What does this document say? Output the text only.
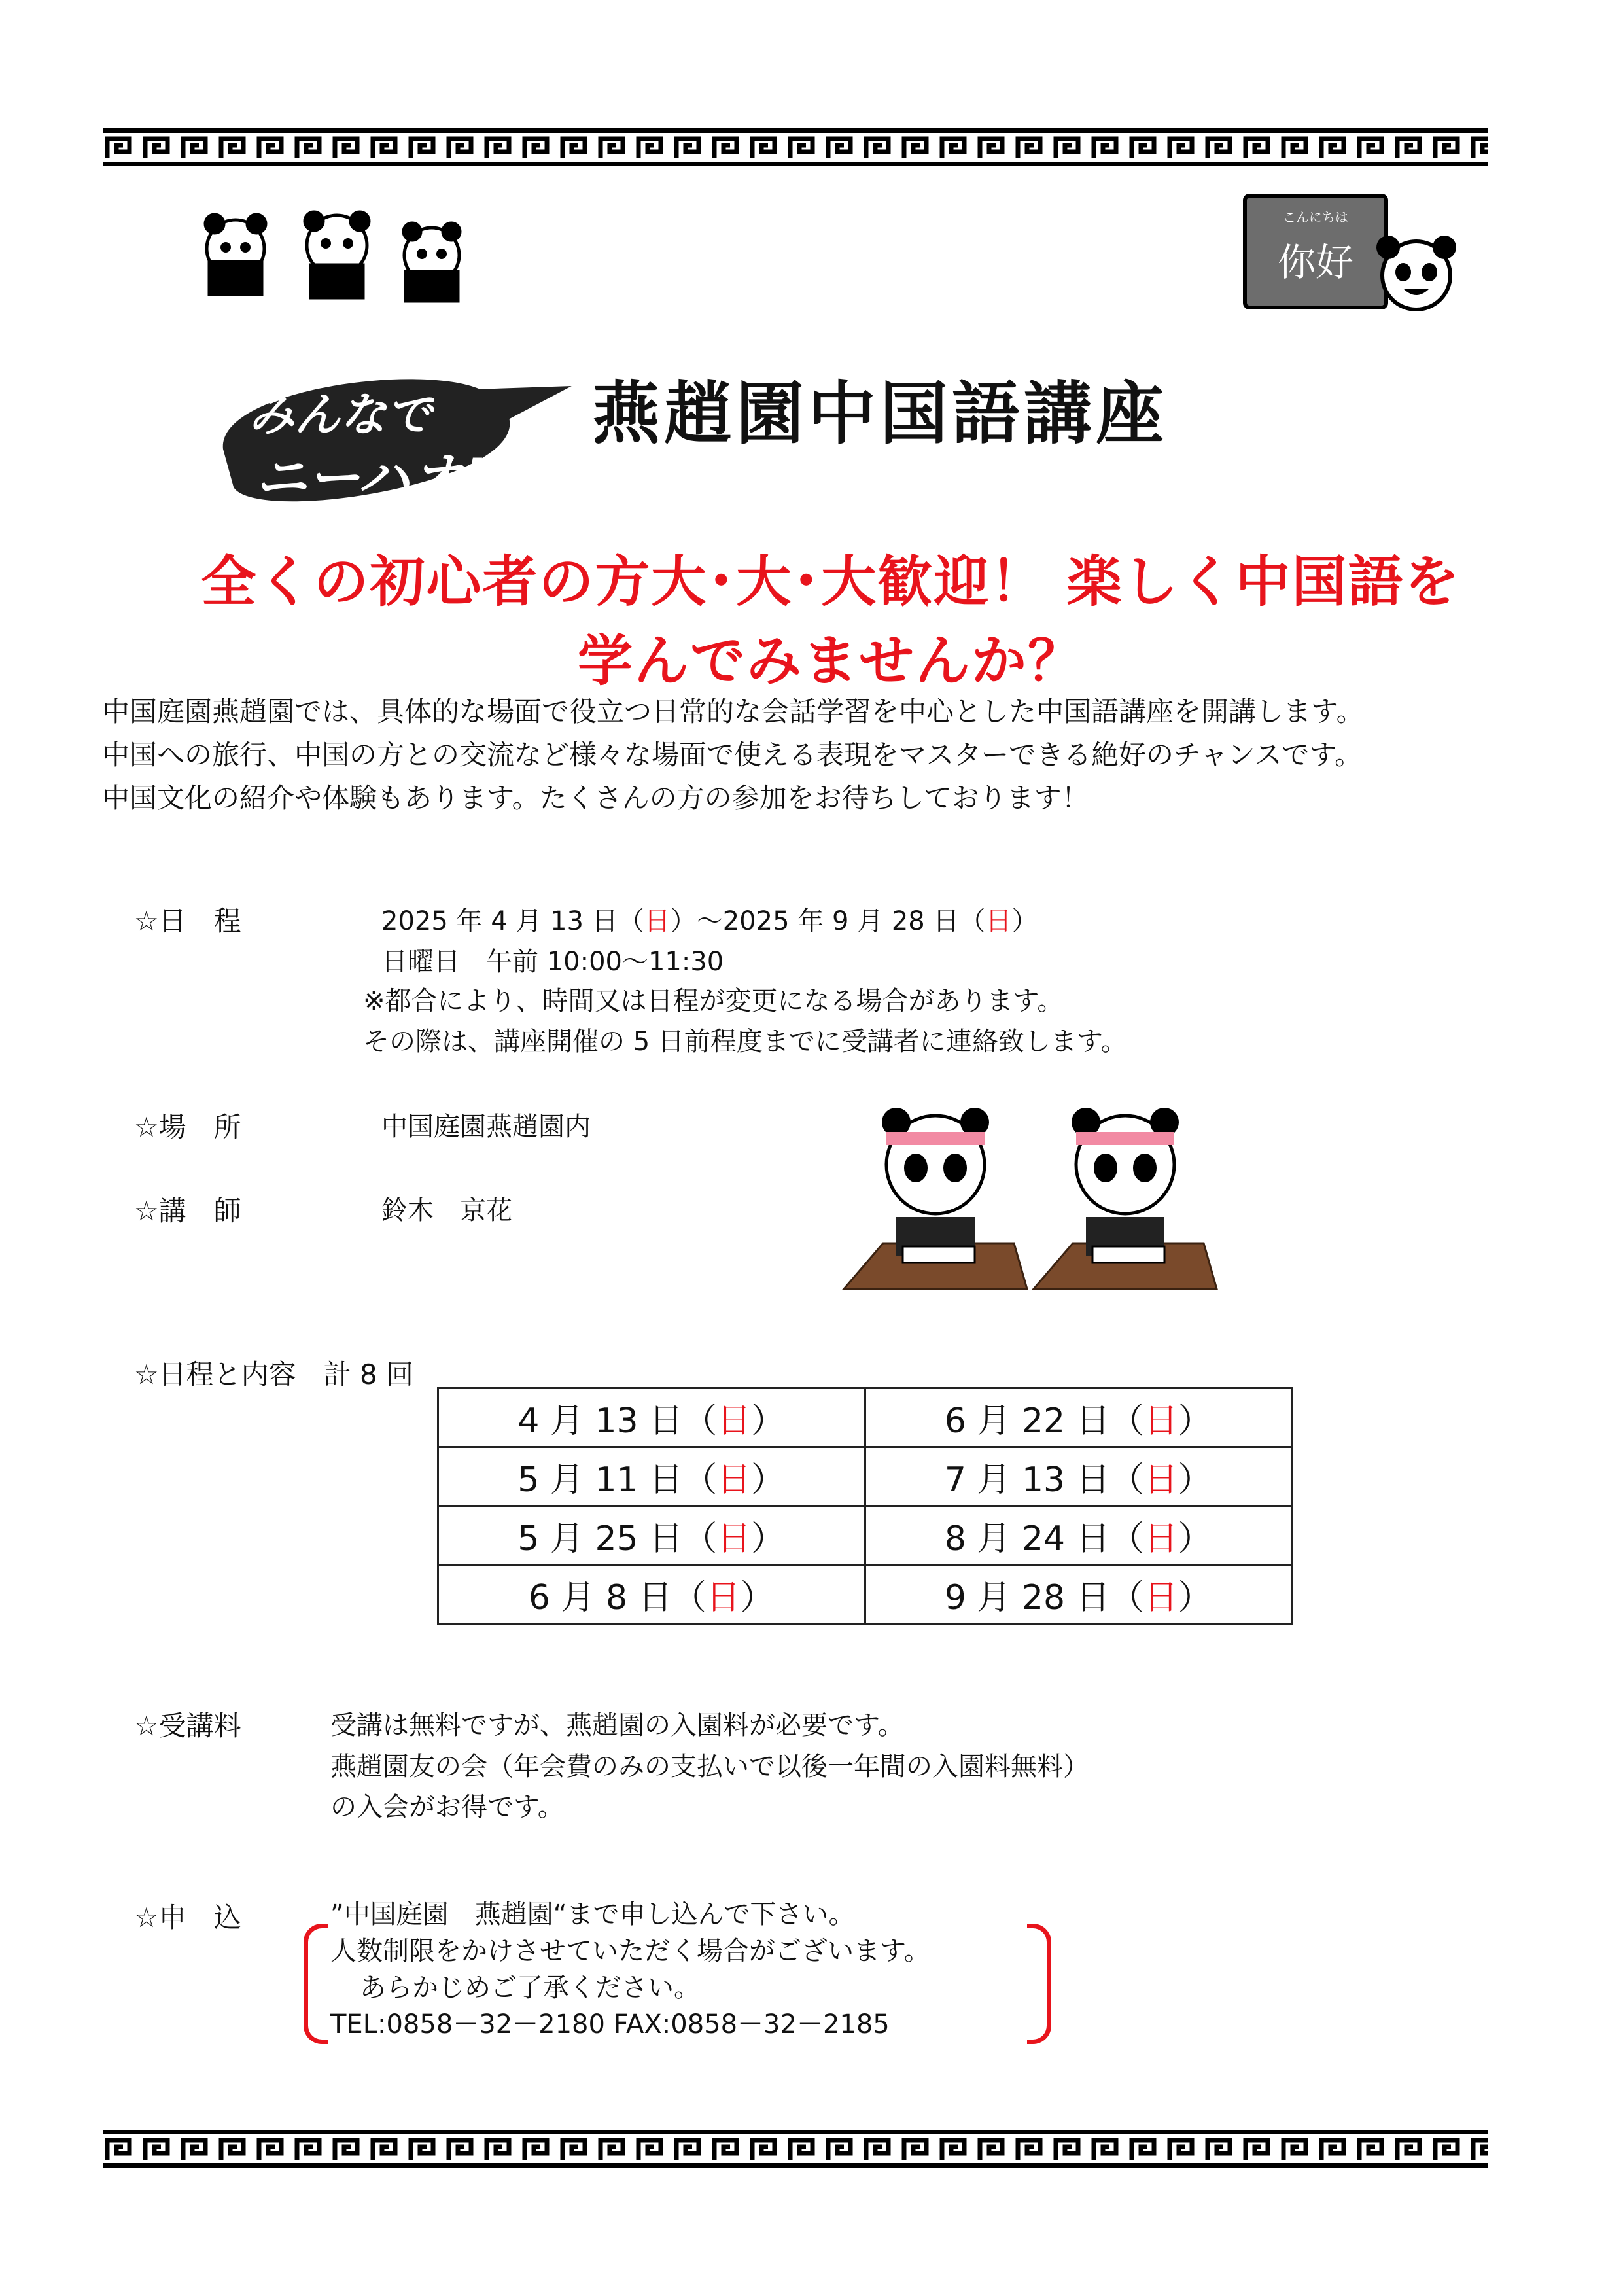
こんにちは
你好
みんなで
ニーハオ!
燕趙園中国語講座
全くの初心者の方大･大･大歓迎！ 楽しく中国語を学んでみませんか？
中国庭園燕趙園では、具体的な場面で役立つ日常的な会話学習を中心とした中国語講座を開講します。
中国への旅行、中国の方との交流など様々な場面で使える表現をマスターできる絶好のチャンスです。
中国文化の紹介や体験もあります。たくさんの方の参加をお待ちしております！
☆日　程	2025 年 4 月 13 日（日）～2025 年 9 月 28 日（日）
日曜日　午前 10:00～11:30
※都合により、時間又は日程が変更になる場合があります。
その際は、講座開催の 5 日前程度までに受講者に連絡致します。
☆場　所	中国庭園燕趙園内
☆講　師	鈴木　京花
☆日程と内容　計 8 回
4 月 13 日（日）	6 月 22 日（日）
5 月 11 日（日）	7 月 13 日（日）
5 月 25 日（日）	8 月 24 日（日）
6 月 8 日（日）	9 月 28 日（日）
☆受講料	受講は無料ですが、燕趙園の入園料が必要です。
燕趙園友の会（年会費のみの支払いで以後一年間の入園料無料）
の入会がお得です。
☆申　込	”中国庭園　燕趙園“まで申し込んで下さい。
人数制限をかけさせていただく場合がございます。
あらかじめご了承ください。
TEL:0858－32－2180 FAX:0858－32－2185
